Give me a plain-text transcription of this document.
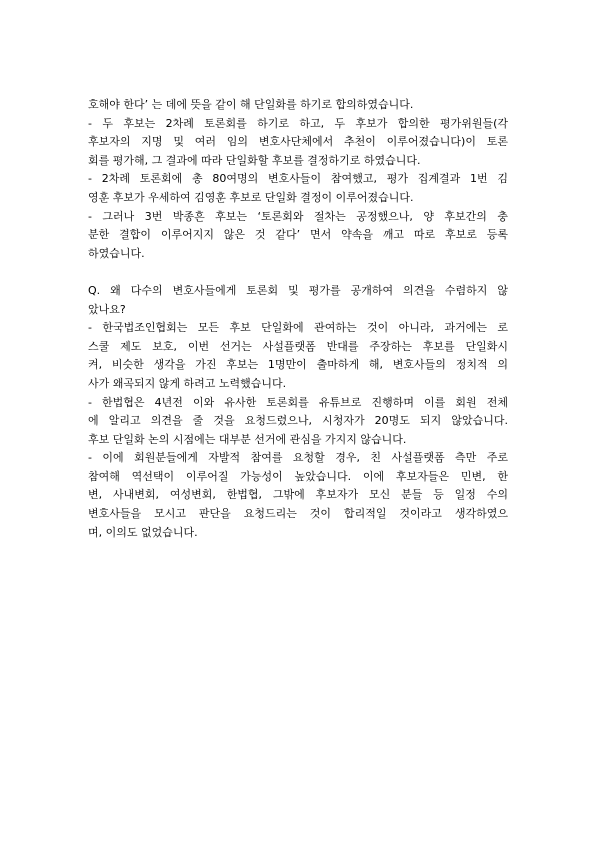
호해야 한다’ 는 데에 뜻을 같이 해 단일화를 하기로 합의하였습니다.
- 두 후보는 2차례 토론회를 하기로 하고, 두 후보가 합의한 평가위원들(각
후보자의 지명 및 여러 임의 변호사단체에서 추천이 이루어졌습니다)이 토론
회를 평가해, 그 결과에 따라 단일화할 후보를 결정하기로 하였습니다.
- 2차례 토론회에 총 80여명의 변호사들이 참여했고, 평가 집계결과 1번 김
영훈 후보가 우세하여 김영훈 후보로 단일화 결정이 이루어졌습니다.
- 그러나 3번 박종흔 후보는 ‘토론회와 절차는 공정했으나, 양 후보간의 충
분한 결합이 이루어지지 않은 것 같다’ 면서 약속을 깨고 따로 후보로 등록
하였습니다.
Q. 왜 다수의 변호사들에게 토론회 및 평가를 공개하여 의견을 수렴하지 않
았나요?
- 한국법조인협회는 모든 후보 단일화에 관여하는 것이 아니라, 과거에는 로
스쿨 제도 보호, 이번 선거는 사설플랫폼 반대를 주장하는 후보를 단일화시
켜, 비슷한 생각을 가진 후보는 1명만이 출마하게 해, 변호사들의 정치적 의
사가 왜곡되지 않게 하려고 노력했습니다.
- 한법협은 4년전 이와 유사한 토론회를 유튜브로 진행하며 이를 회원 전체
에 알리고 의견을 줄 것을 요청드렸으나, 시청자가 20명도 되지 않았습니다.
후보 단일화 논의 시점에는 대부분 선거에 관심을 가지지 않습니다.
- 이에 회원분들에게 자발적 참여를 요청할 경우, 친 사설플랫폼 측만 주로
참여해 역선택이 이루어질 가능성이 높았습니다. 이에 후보자들은 민변, 한
변, 사내변회, 여성변회, 한법협, 그밖에 후보자가 모신 분들 등 일정 수의
변호사들을 모시고 판단을 요청드리는 것이 합리적일 것이라고 생각하였으
며, 이의도 없었습니다.
